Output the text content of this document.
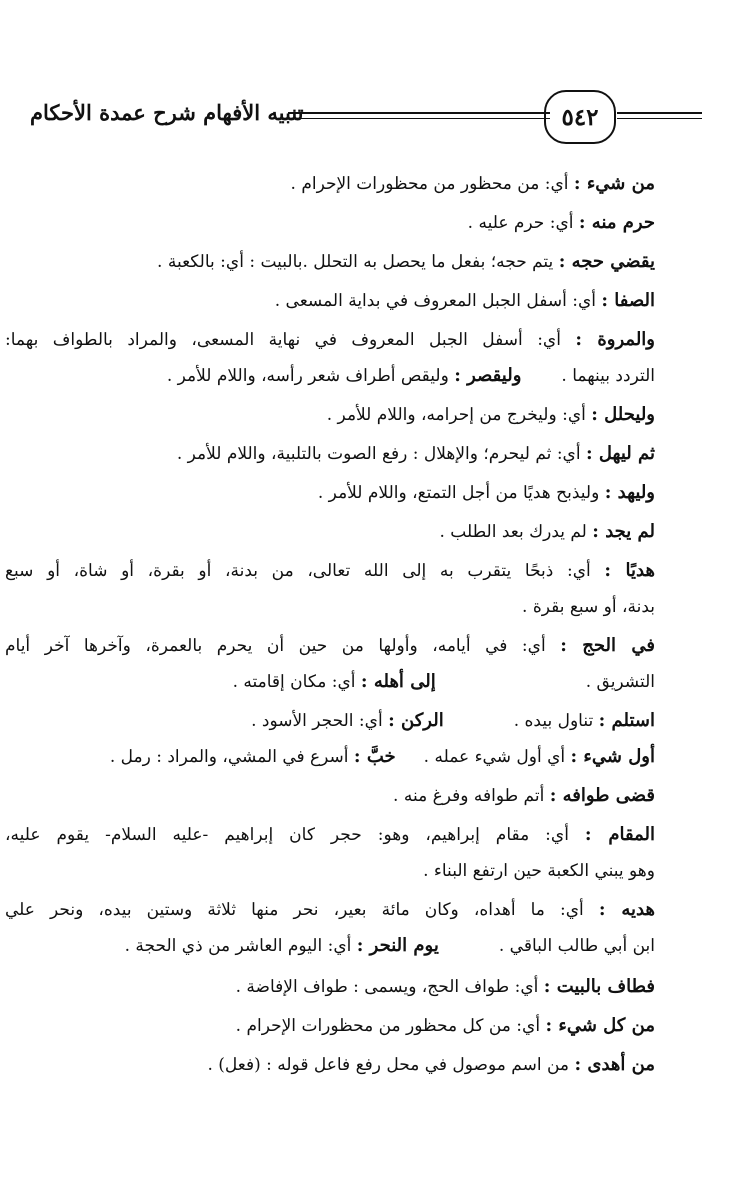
تنبيه الأفهام شرح عمدة الأحكام	٥٤٢
من شيء : أي: من محظور من محظورات الإحرام .
حرم منه : أي: حرم عليه .
يقضي حجه : يتم حجه؛ بفعل ما يحصل به التحلل .بالبيت : أي: بالكعبة .
الصفا : أي: أسفل الجبل المعروف في بداية المسعى .
والمروة : أي: أسفل الجبل المعروف في نهاية المسعى، والمراد بالطواف بهما:
التردد بينهما .وليقصر : وليقص أطراف شعر رأسه، واللام للأمر .
وليحلل : أي: وليخرج من إحرامه، واللام للأمر .
ثم ليهل : أي: ثم ليحرم؛ والإهلال : رفع الصوت بالتلبية، واللام للأمر .
وليهد : وليذبح هديًا من أجل التمتع، واللام للأمر .
لم يجد : لم يدرك بعد الطلب .
هديًا : أي: ذبحًا يتقرب به إلى الله تعالى، من بدنة، أو بقرة، أو شاة، أو سبع
بدنة، أو سبع بقرة .
في الحج : أي: في أيامه، وأولها من حين أن يحرم بالعمرة، وآخرها آخر أيام
التشريق .إلى أهله : أي: مكان إقامته .
استلم : تناول بيده .الركن : أي: الحجر الأسود .
أول شيء : أي أول شيء عمله .خبَّ : أسرع في المشي، والمراد : رمل .
قضى طوافه : أتم طوافه وفرغ منه .
المقام : أي: مقام إبراهيم، وهو: حجر كان إبراهيم -عليه السلام- يقوم عليه،
وهو يبني الكعبة حين ارتفع البناء .
هديه : أي: ما أهداه، وكان مائة بعير، نحر منها ثلاثة وستين بيده، ونحر علي
ابن أبي طالب الباقي .يوم النحر : أي: اليوم العاشر من ذي الحجة .
فطاف بالبيت : أي: طواف الحج، ويسمى : طواف الإفاضة .
من كل شيء : أي: من كل محظور من محظورات الإحرام .
من أهدى : من اسم موصول في محل رفع فاعل قوله : (فعل) .
